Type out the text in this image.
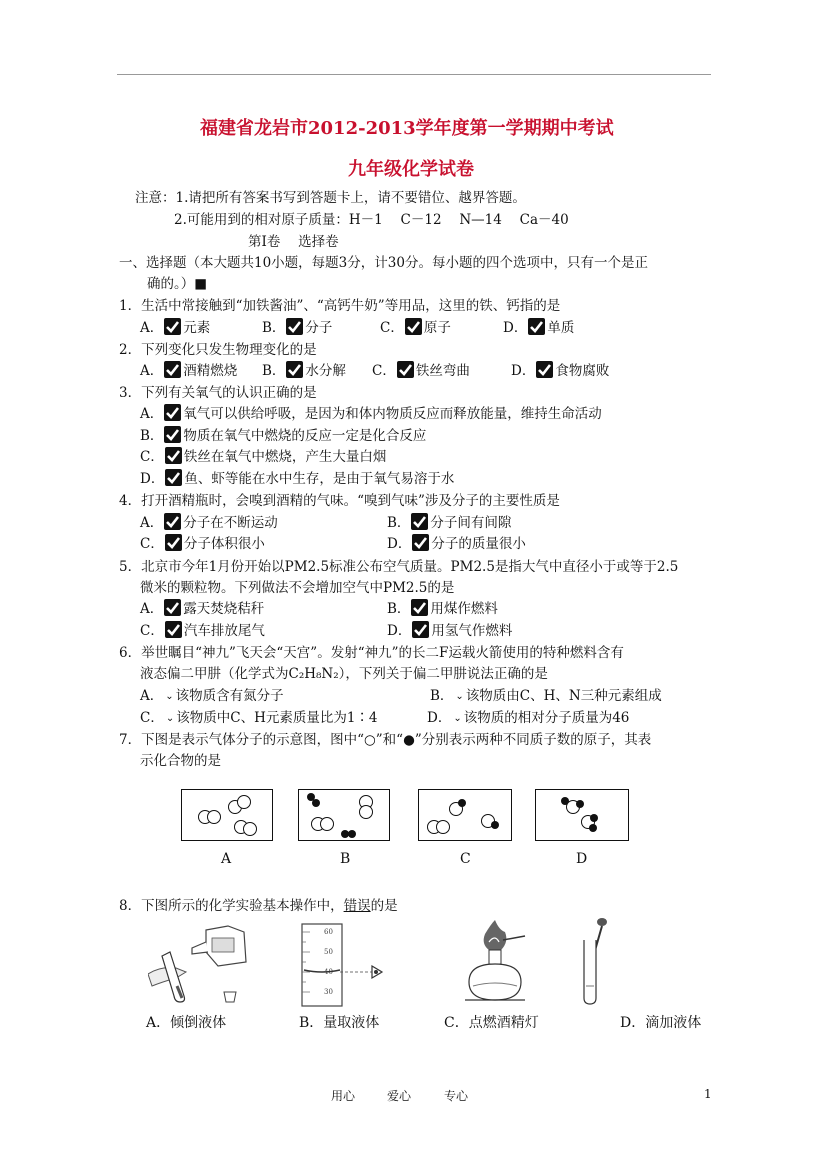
福建省龙岩市2012-2013学年度第一学期期中考试
九年级化学试卷
注意：1.请把所有答案书写到答题卡上，请不要错位、越界答题。
2.可能用到的相对原子质量：H－1　 C－12　 N—14　 Ca－40
第Ⅰ卷　 选择卷
一、选择题（本大题共10小题，每题3分，计30分。每小题的四个选项中，只有一个是正
确的。）■
1．生活中常接触到“加铁酱油”、“高钙牛奶”等用品，这里的铁、钙指的是
A． 元素	B． 分子	C． 原子	D． 单质
2．下列变化只发生物理变化的是
A． 酒精燃烧 B． 水分解 C． 铁丝弯曲	D． 食物腐败
3．下列有关氧气的认识正确的是
A． 氧气可以供给呼吸，是因为和体内物质反应而释放能量，维持生命活动
B． 物质在氧气中燃烧的反应一定是化合反应
C． 铁丝在氧气中燃烧，产生大量白烟
D． 鱼、虾等能在水中生存，是由于氧气易溶于水
4．打开酒精瓶时，会嗅到酒精的气味。“嗅到气味”涉及分子的主要性质是
A． 分子在不断运动	B． 分子间有间隙
C． 分子体积很小	D． 分子的质量很小
5．北京市今年1月份开始以PM2.5标准公布空气质量。PM2.5是指大气中直径小于或等于2.5
微米的颗粒物。下列做法不会增加空气中PM2.5的是
A． 露天焚烧秸秆	B． 用煤作燃料
C． 汽车排放尾气	D． 用氢气作燃料
6．举世瞩目“神九”飞天会“天宫”。发射“神九”的长二F运载火箭使用的特种燃料含有
液态偏二甲肼（化学式为C₂H₈N₂），下列关于偏二甲肼说法正确的是
A． ⌄ 该物质含有氮分子	B． ⌄ 该物质由C、H、N三种元素组成
C． ⌄ 该物质中C、H元素质量比为1∶4	D． ⌄ 该物质的相对分子质量为46
7．下图是表示气体分子的示意图，图中“○”和“●”分别表示两种不同质子数的原子，其表
示化合物的是
A	B	C	D
8．下图所示的化学实验基本操作中，错误的是
60
50
40
30
A．倾倒液体	B．量取液体	C．点燃酒精灯	D．滴加液体
用心	爱心	专心	1
